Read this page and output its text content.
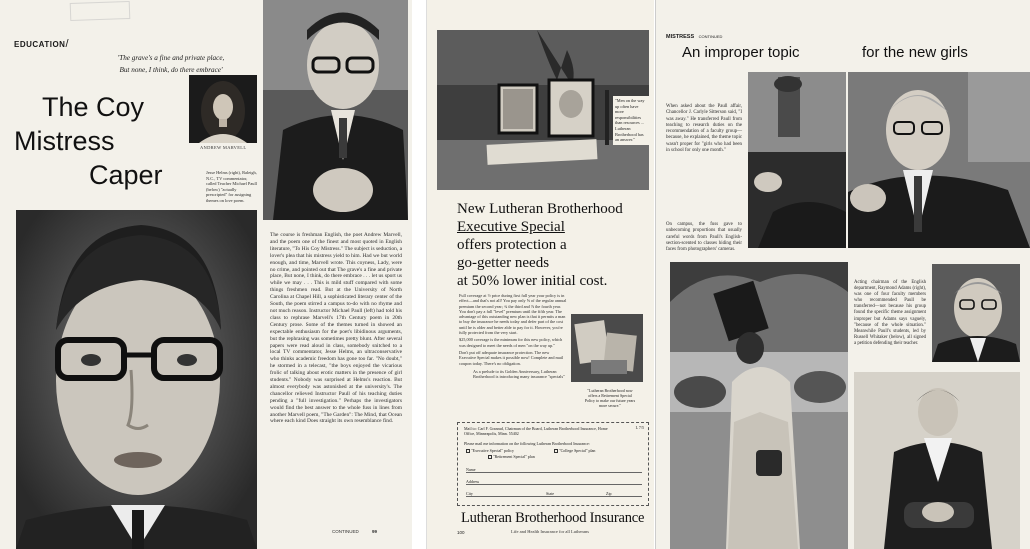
EDUCATION/
'The grave's a fine and private place,
But none, I think, do there embrace'
The Coy
Mistress
Caper
ANDREW MARVELL
Jesse Helms (right), Raleigh, N.C., TV commentator, called Teacher Michael Paull (below) "actually prescripted" for assigning themes on love poem.
The course is freshman English, the poet Andrew Marvell, and the poem one of the finest and most quoted in English literature, "To His Coy Mistress." The subject is seduction, a lover's plea that his mistress yield to him. Had we but world enough, and time, Marvell wrote. This coyness, Lady, were no crime, and pointed out that The grave's a fine and private place, But none, I think, do there embrace . . . let us sport us while we may . . . This is mild stuff compared with some things freshmen read. But at the University of North Carolina at Chapel Hill, a sophisticated literary center of the South, the poem stirred a campus to-do with no rhyme and not much reason. Instructor Michael Paull (left) had told his class to rephrase Marvell's 17th Century poem in 20th Century prose. Some of the themes turned in showed an expectable enthusiasm for the poet's libidinous arguments, but the rephrasing was sometimes pretty blunt. After several papers were read aloud in class, somebody snitched to a local TV commentator, Jesse Helms, an ultraconservative who thinks academic freedom has gone too far. "No doubt," he stormed in a telecast, "the boys enjoyed the vicarious frolic of talking about erotic matters in the presence of girl students." Nobody was surprised at Helms's reaction. But almost everybody was astonished at the university's. The chancellor relieved Instructor Paull of his teaching duties pending a "full investigation." Perhaps the investigators would find the best answer to the whole fuss in lines from another Marvell poem, "The Garden": The Mind, that Ocean where each kind Does straight its own resemblance find.
CONTINUED	99
"Men on the way up often have more responsibilities than resources ... Lutheran Brotherhood has an answer."
New Lutheran Brotherhood
Executive Special
offers protection a
go-getter needs
at 50% lower initial cost.

Full coverage at ½ price during first full year your policy is in effect—and that's not all! You pay only ⅝ of the regular annual premium the second year; ¾ the third and ⅞ the fourth year. You don't pay a full "level" premium until the fifth year. The advantage of this outstanding new plan is that it permits a man to buy the insurance he needs today and defer part of the cost until he is older and better able to pay for it. However, you're fully protected from the very start.

$25,000 coverage is the minimum for this new policy, which was designed to meet the needs of men "on the way up."

Don't put off adequate insurance protection. The new Executive Special makes it possible now! Complete and mail coupon today. There's no obligation.

As a prelude to its Golden Anniversary, Lutheran Brotherhood is introducing many insurance "specials"

"Lutheran Brotherhood now offers a Retirement Special Policy to make our future years more secure."
L 7/5
Mail to: Carl F. Granrud, Chairman of the Board, Lutheran Brotherhood Insurance, Home Office, Minneapolis, Minn. 55402
Please mail me information on the following Lutheran Brotherhood Insurance:
"Executive Special" policy	"College Special" plan
"Retirement Special" plan
Name
Address
City	State	Zip
Lutheran Brotherhood Insurance
Life and Health Insurance for all Lutherans
100
MISTRESS CONTINUED
An improper topic	for the new girls
When asked about the Paull affair, Chancellor J. Carlyle Sitterson said, "I was away." He transferred Paull from teaching to research duties on the recommendation of a faculty group—because, he explained, the theme topic wasn't proper for "girls who had been in school for only one month."
On campus, the fuss gave to unbecoming proportions that usually careful words from Paull's English-section-scented to classes hiding their faces from photographers' cameras.
Acting chairman of the English department, Raymond Adams (right), was one of four faculty members who recommended Paull be transferred—not because his group found the specific theme assignment improper but Adams says vaguely, "because of the whole situation." Meanwhile Paull's students, led by Russell Whitaker (below), all signed a petition defending their teacher.
